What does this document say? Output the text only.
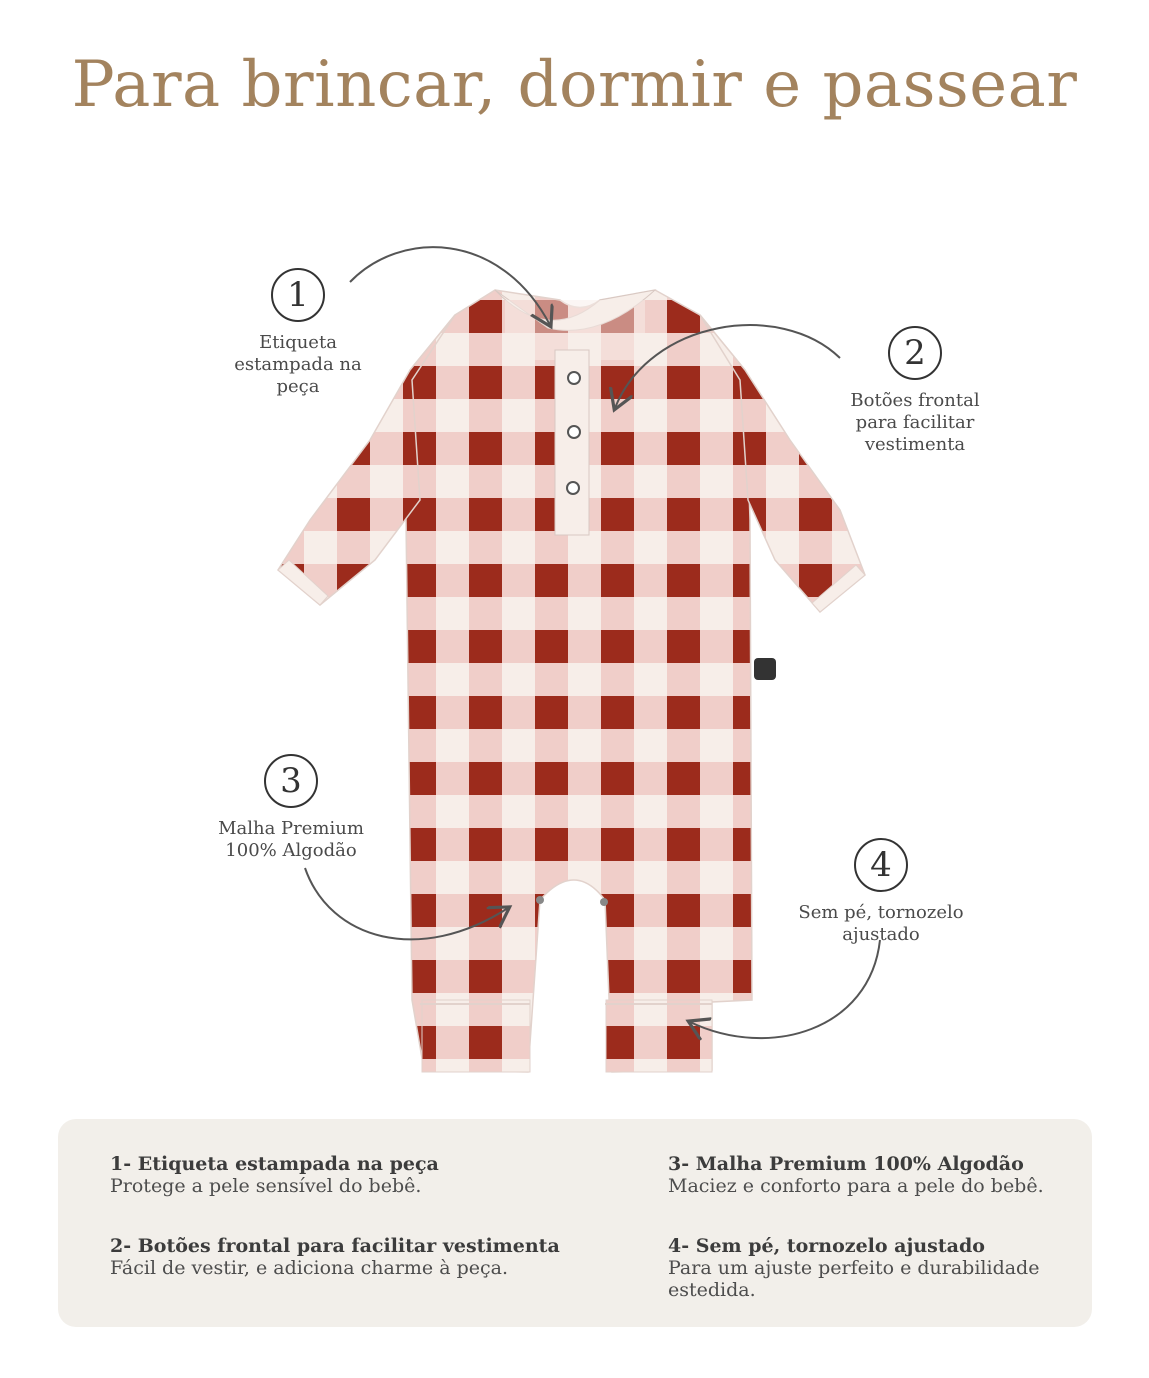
Para brincar, dormir e passear
1
Etiqueta
estampada na
peça
2
Botões frontal
para facilitar
vestimenta
3
Malha Premium
100% Algodão	4
Sem pé, tornozelo
ajustado
1- Etiqueta estampada na peça
Protege a pele sensível do bebê.
2- Botões frontal para facilitar vestimenta
Fácil de vestir, e adiciona charme à peça.
3- Malha Premium 100% Algodão
Maciez e conforto para a pele do bebê.
4- Sem pé, tornozelo ajustado
Para um ajuste perfeito e durabilidade
estedida.
